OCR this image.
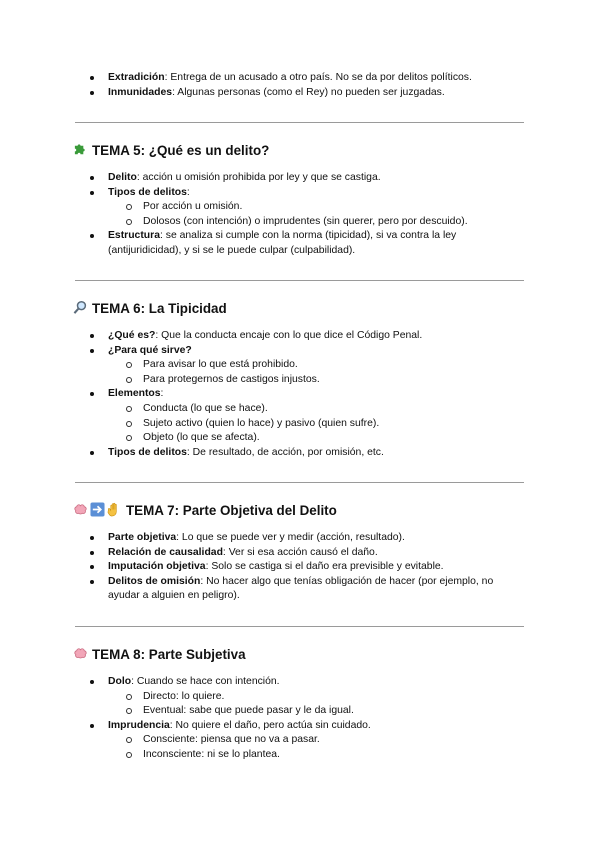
Extradición: Entrega de un acusado a otro país. No se da por delitos políticos.
Inmunidades: Algunas personas (como el Rey) no pueden ser juzgadas.
TEMA 5: ¿Qué es un delito?
Delito: acción u omisión prohibida por ley y que se castiga.
Tipos de delitos:
Por acción u omisión.
Dolosos (con intención) o imprudentes (sin querer, pero por descuido).
Estructura: se analiza si cumple con la norma (tipicidad), si va contra la ley
(antijuridicidad), y si se le puede culpar (culpabilidad).
TEMA 6: La Tipicidad
¿Qué es?: Que la conducta encaje con lo que dice el Código Penal.
¿Para qué sirve?
Para avisar lo que está prohibido.
Para protegernos de castigos injustos.
Elementos:
Conducta (lo que se hace).
Sujeto activo (quien lo hace) y pasivo (quien sufre).
Objeto (lo que se afecta).
Tipos de delitos: De resultado, de acción, por omisión, etc.
TEMA 7: Parte Objetiva del Delito
Parte objetiva: Lo que se puede ver y medir (acción, resultado).
Relación de causalidad: Ver si esa acción causó el daño.
Imputación objetiva: Solo se castiga si el daño era previsible y evitable.
Delitos de omisión: No hacer algo que tenías obligación de hacer (por ejemplo, no
ayudar a alguien en peligro).
TEMA 8: Parte Subjetiva
Dolo: Cuando se hace con intención.
Directo: lo quiere.
Eventual: sabe que puede pasar y le da igual.
Imprudencia: No quiere el daño, pero actúa sin cuidado.
Consciente: piensa que no va a pasar.
Inconsciente: ni se lo plantea.
